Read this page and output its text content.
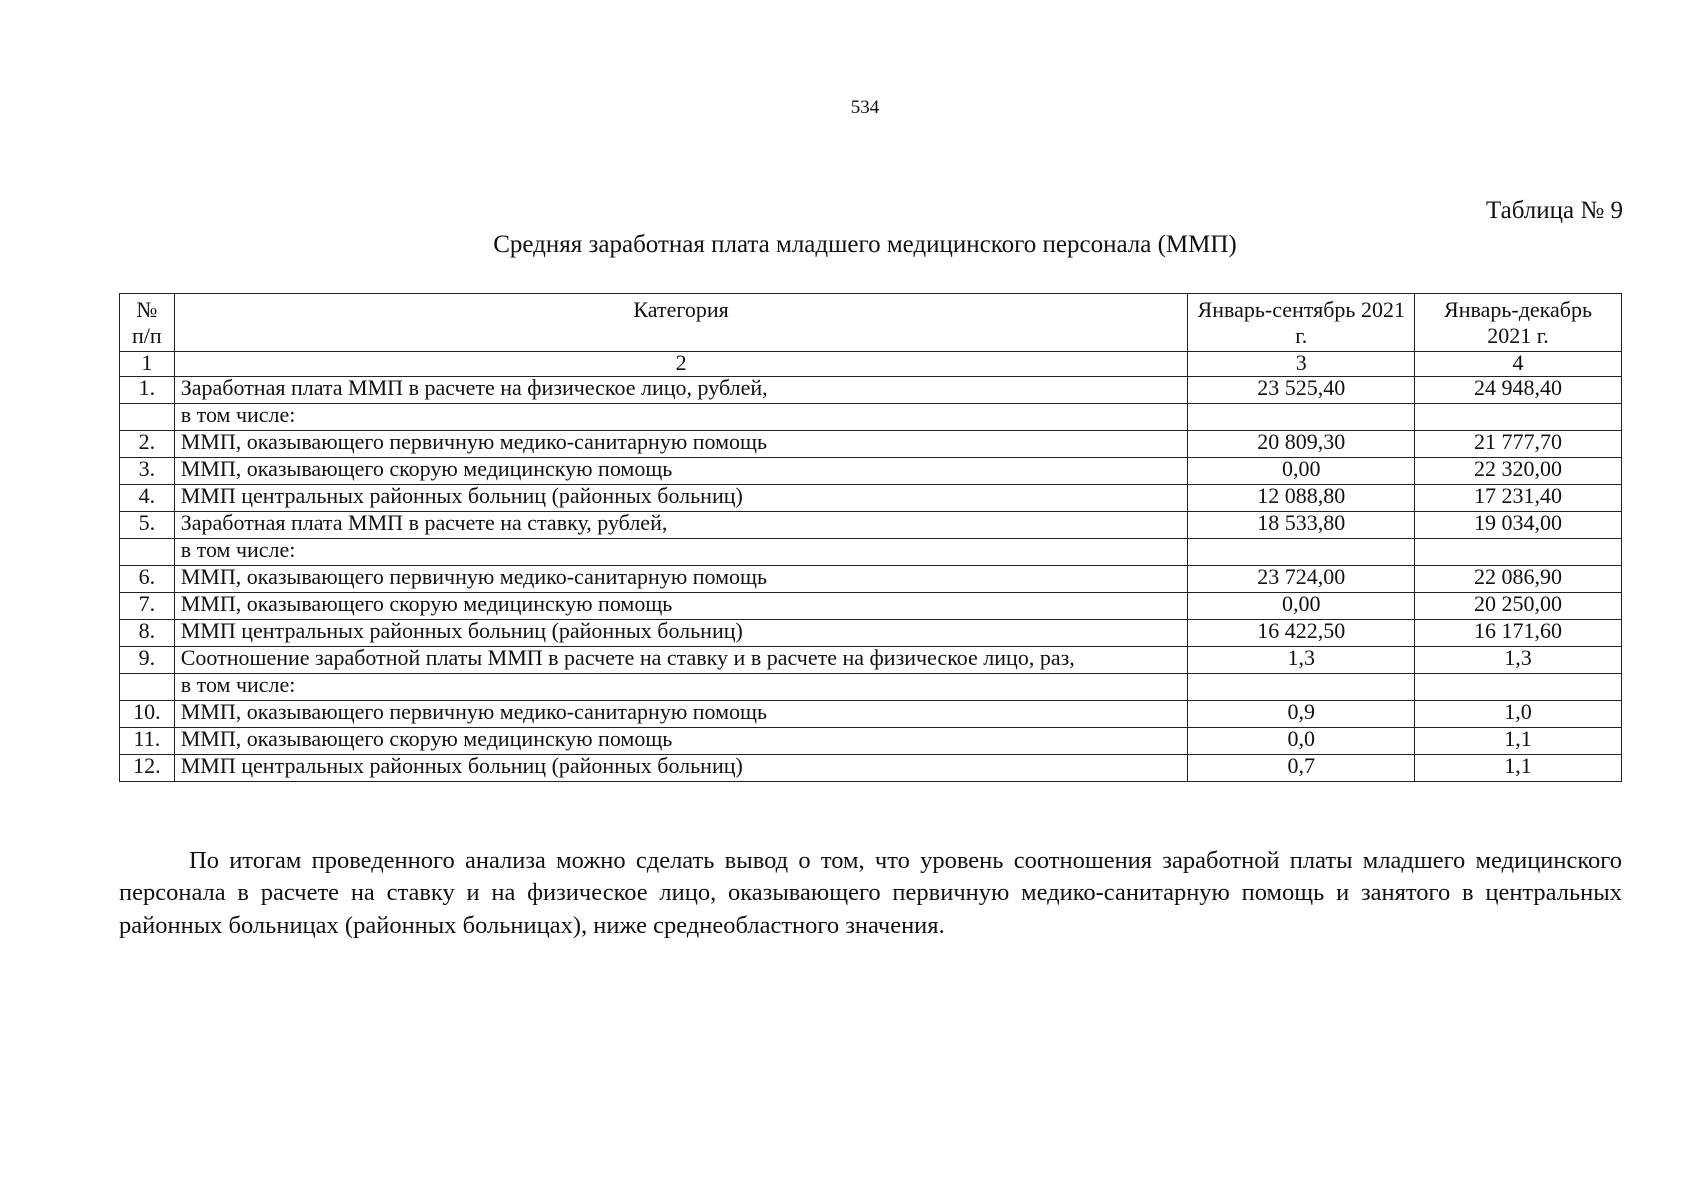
534
Таблица № 9
Средняя заработная плата младшего медицинского персонала (ММП)
№ п/п	Категория	Январь-сентябрь 2021 г.	Январь-декабрь 2021 г.
1	2	3	4
1.	Заработная плата ММП в расчете на физическое лицо, рублей,	23 525,40	24 948,40
	в том числе:		
2.	ММП, оказывающего первичную медико-санитарную помощь	20 809,30	21 777,70
3.	ММП, оказывающего скорую медицинскую помощь	0,00	22 320,00
4.	ММП центральных районных больниц (районных больниц)	12 088,80	17 231,40
5.	Заработная плата ММП в расчете на ставку, рублей,	18 533,80	19 034,00
	в том числе:		
6.	ММП, оказывающего первичную медико-санитарную помощь	23 724,00	22 086,90
7.	ММП, оказывающего скорую медицинскую помощь	0,00	20 250,00
8.	ММП центральных районных больниц (районных больниц)	16 422,50	16 171,60
9.	Соотношение заработной платы ММП в расчете на ставку и в расчете на физическое лицо, раз,	1,3	1,3
	в том числе:		
10.	ММП, оказывающего первичную медико-санитарную помощь	0,9	1,0
11.	ММП, оказывающего скорую медицинскую помощь	0,0	1,1
12.	ММП центральных районных больниц (районных больниц)	0,7	1,1

По итогам проведенного анализа можно сделать вывод о том, что уровень соотношения заработной платы младшего медицинского персонала в расчете на ставку и на физическое лицо, оказывающего первичную медико-санитарную помощь и занятого в центральных районных больницах (районных больницах), ниже среднеобластного значения.
